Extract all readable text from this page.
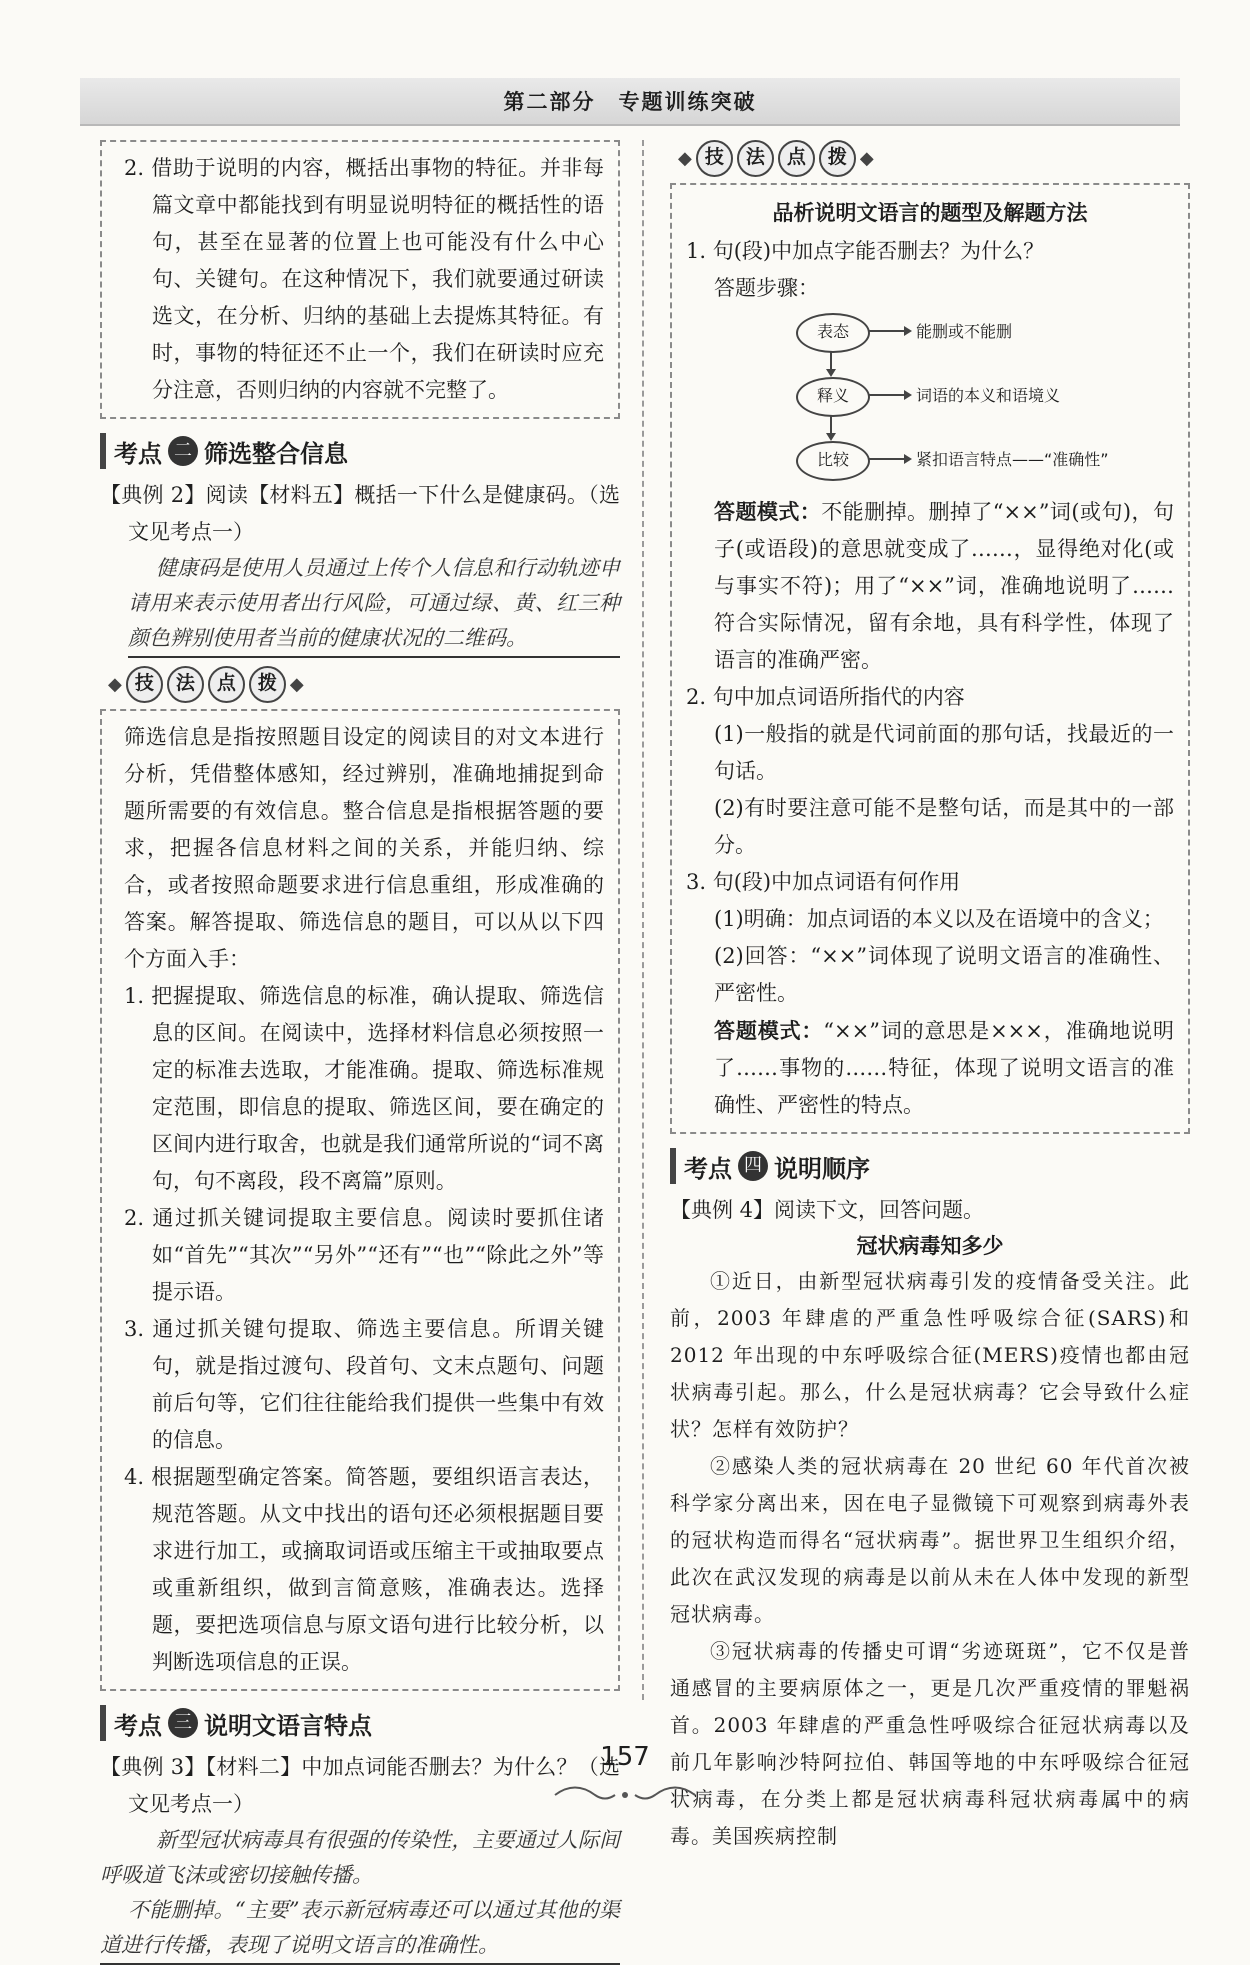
第二部分　专题训练突破

2. 借助于说明的内容，概括出事物的特征。并非每篇文章中都能找到有明显说明特征的概括性的语句，甚至在显著的位置上也可能没有什么中心句、关键句。在这种情况下，我们就要通过研读选文，在分析、归纳的基础上去提炼其特征。有时，事物的特征还不止一个，我们在研读时应充分注意，否则归纳的内容就不完整了。

考点 二 筛选整合信息

【典例 2】阅读【材料五】概括一下什么是健康码。（选文见考点一）

健康码是使用人员通过上传个人信息和行动轨迹申请用来表示使用者出行风险，可通过绿、黄、红三种颜色辨别使用者当前的健康状况的二维码。

◆ 技	法	点	拨 ◆

筛选信息是指按照题目设定的阅读目的对文本进行分析，凭借整体感知，经过辨别，准确地捕捉到命题所需要的有效信息。整合信息是指根据答题的要求，把握各信息材料之间的关系，并能归纳、综合，或者按照命题要求进行信息重组，形成准确的答案。解答提取、筛选信息的题目，可以从以下四个方面入手：

1. 把握提取、筛选信息的标准，确认提取、筛选信息的区间。在阅读中，选择材料信息必须按照一定的标准去选取，才能准确。提取、筛选标准规定范围，即信息的提取、筛选区间，要在确定的区间内进行取舍，也就是我们通常所说的“词不离句，句不离段，段不离篇”原则。

2. 通过抓关键词提取主要信息。阅读时要抓住诸如“首先”“其次”“另外”“还有”“也”“除此之外”等提示语。

3. 通过抓关键句提取、筛选主要信息。所谓关键句，就是指过渡句、段首句、文末点题句、问题前后句等，它们往往能给我们提供一些集中有效的信息。

4. 根据题型确定答案。简答题，要组织语言表达，规范答题。从文中找出的语句还必须根据题目要求进行加工，或摘取词语或压缩主干或抽取要点或重新组织，做到言简意赅，准确表达。选择题，要把选项信息与原文语句进行比较分析，以判断选项信息的正误。

考点 三 说明文语言特点

【典例 3】【材料二】中加点词能否删去？为什么？（选文见考点一）

新型冠状病毒具有很强的传染性，主要通过人际间呼吸道飞沫或密切接触传播。

不能删掉。“主要”表示新冠病毒还可以通过其他的渠道进行传播，表现了说明文语言的准确性。

◆ 技	法	点	拨 ◆
品析说明文语言的题型及解题方法

1. 句(段)中加点字能否删去？为什么？

答题步骤：

表态	能删或不能删
释义	词语的本义和语境义
比较	紧扣语言特点——“准确性”

答题模式：不能删掉。删掉了“××”词(或句)，句子(或语段)的意思就变成了……，显得绝对化(或与事实不符)；用了“××”词，准确地说明了……符合实际情况，留有余地，具有科学性，体现了语言的准确严密。

2. 句中加点词语所指代的内容

(1)一般指的就是代词前面的那句话，找最近的一句话。

(2)有时要注意可能不是整句话，而是其中的一部分。

3. 句(段)中加点词语有何作用

(1)明确：加点词语的本义以及在语境中的含义；

(2)回答：“××”词体现了说明文语言的准确性、严密性。

答题模式：“××”词的意思是×××，准确地说明了……事物的……特征，体现了说明文语言的准确性、严密性的特点。

考点 四 说明顺序

【典例 4】阅读下文，回答问题。

冠状病毒知多少

①近日，由新型冠状病毒引发的疫情备受关注。此前，2003 年肆虐的严重急性呼吸综合征(SARS)和 2012 年出现的中东呼吸综合征(MERS)疫情也都由冠状病毒引起。那么，什么是冠状病毒？它会导致什么症状？怎样有效防护？

②感染人类的冠状病毒在 20 世纪 60 年代首次被科学家分离出来，因在电子显微镜下可观察到病毒外表的冠状构造而得名“冠状病毒”。据世界卫生组织介绍，此次在武汉发现的病毒是以前从未在人体中发现的新型冠状病毒。

③冠状病毒的传播史可谓“劣迹斑斑”，它不仅是普通感冒的主要病原体之一，更是几次严重疫情的罪魁祸首。2003 年肆虐的严重急性呼吸综合征冠状病毒以及前几年影响沙特阿拉伯、韩国等地的中东呼吸综合征冠状病毒，在分类上都是冠状病毒科冠状病毒属中的病毒。美国疾病控制

157
